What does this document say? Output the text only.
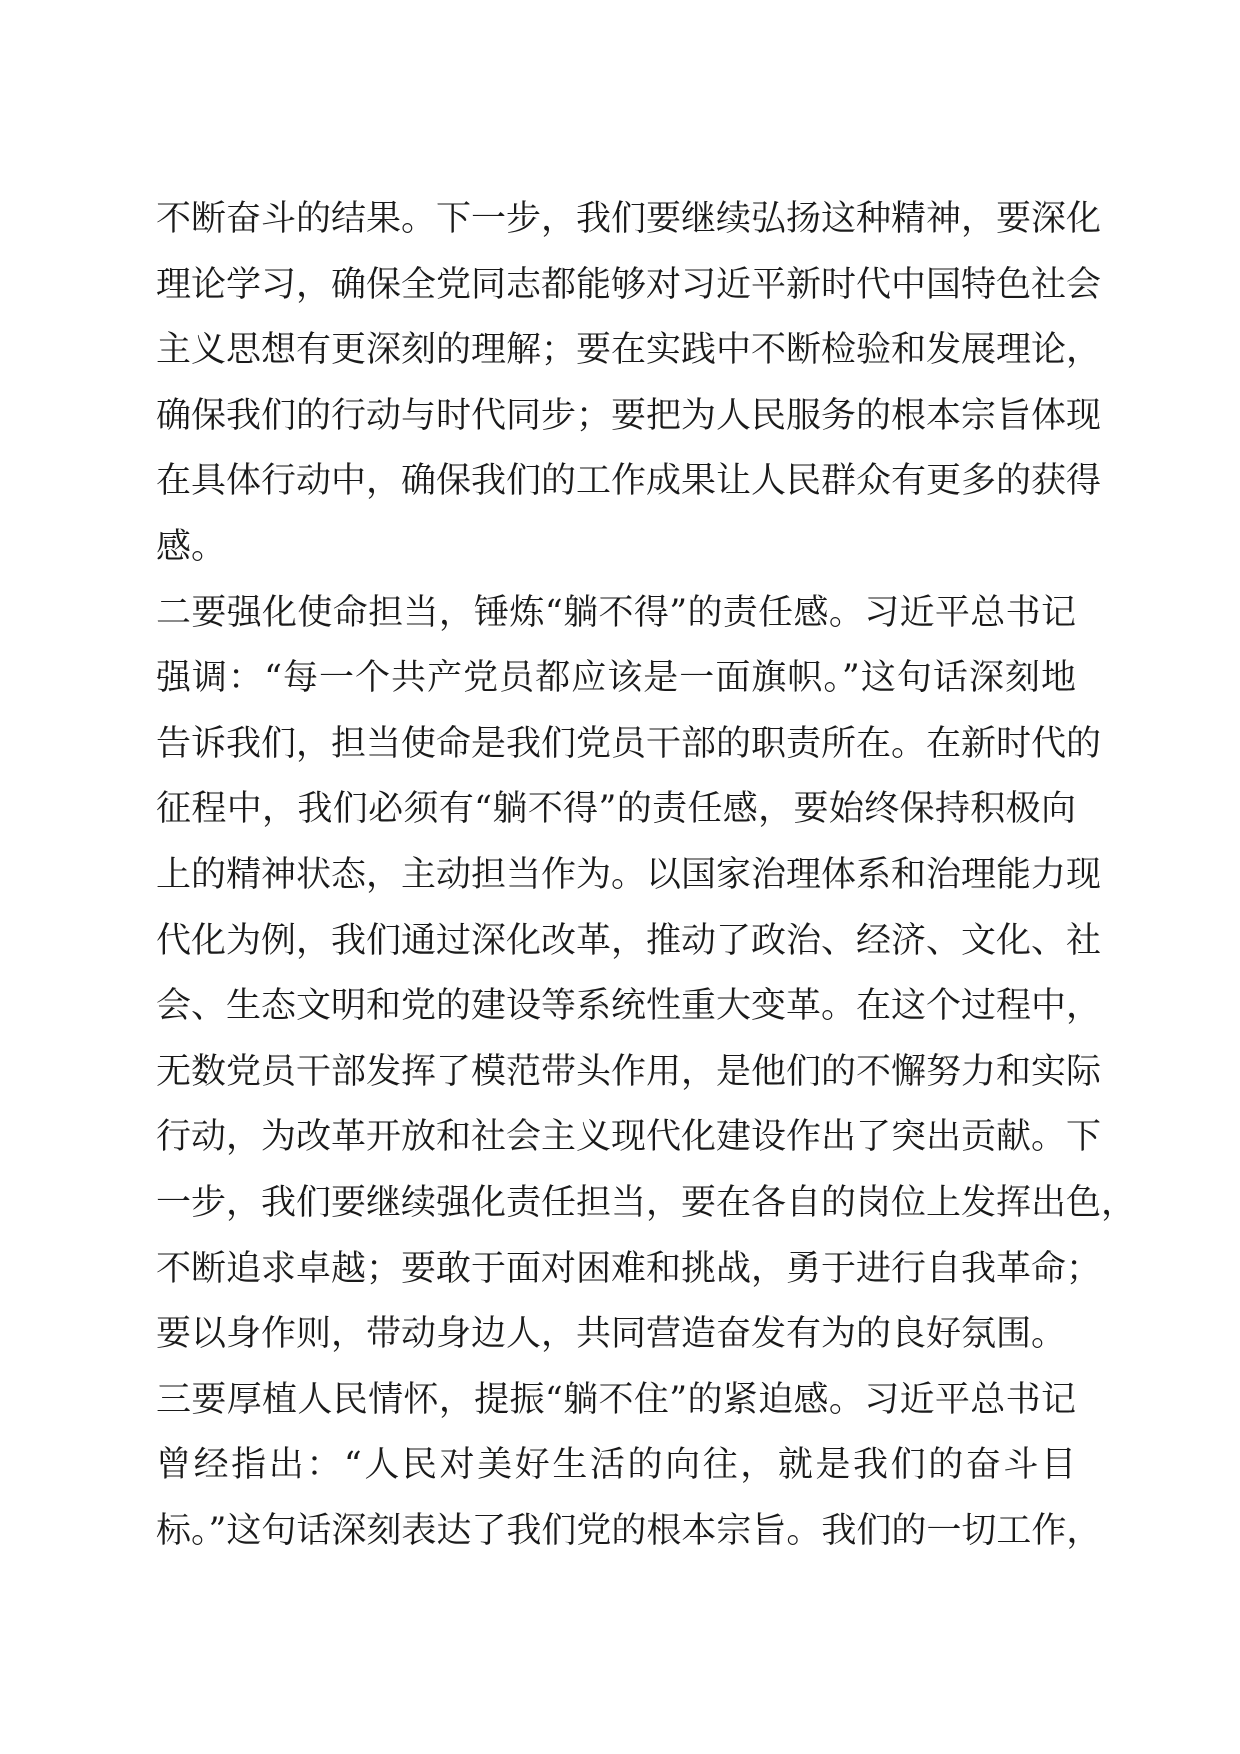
不断奋斗的结果。下一步，我们要继续弘扬这种精神，要深化
理论学习，确保全党同志都能够对习近平新时代中国特色社会
主义思想有更深刻的理解；要在实践中不断检验和发展理论，
确保我们的行动与时代同步；要把为人民服务的根本宗旨体现
在具体行动中，确保我们的工作成果让人民群众有更多的获得
感。
二要强化使命担当，锤炼“躺不得”的责任感。习近平总书记
强调：“每一个共产党员都应该是一面旗帜。”这句话深刻地
告诉我们，担当使命是我们党员干部的职责所在。在新时代的
征程中，我们必须有“躺不得”的责任感，要始终保持积极向
上的精神状态，主动担当作为。以国家治理体系和治理能力现
代化为例，我们通过深化改革，推动了政治、经济、文化、社
会、生态文明和党的建设等系统性重大变革。在这个过程中，
无数党员干部发挥了模范带头作用，是他们的不懈努力和实际
行动，为改革开放和社会主义现代化建设作出了突出贡献。下
一步，我们要继续强化责任担当，要在各自的岗位上发挥出色，
不断追求卓越；要敢于面对困难和挑战，勇于进行自我革命；
要以身作则，带动身边人，共同营造奋发有为的良好氛围。
三要厚植人民情怀，提振“躺不住”的紧迫感。习近平总书记
曾经指出：“人民对美好生活的向往，就是我们的奋斗目
标。”这句话深刻表达了我们党的根本宗旨。我们的一切工作，
